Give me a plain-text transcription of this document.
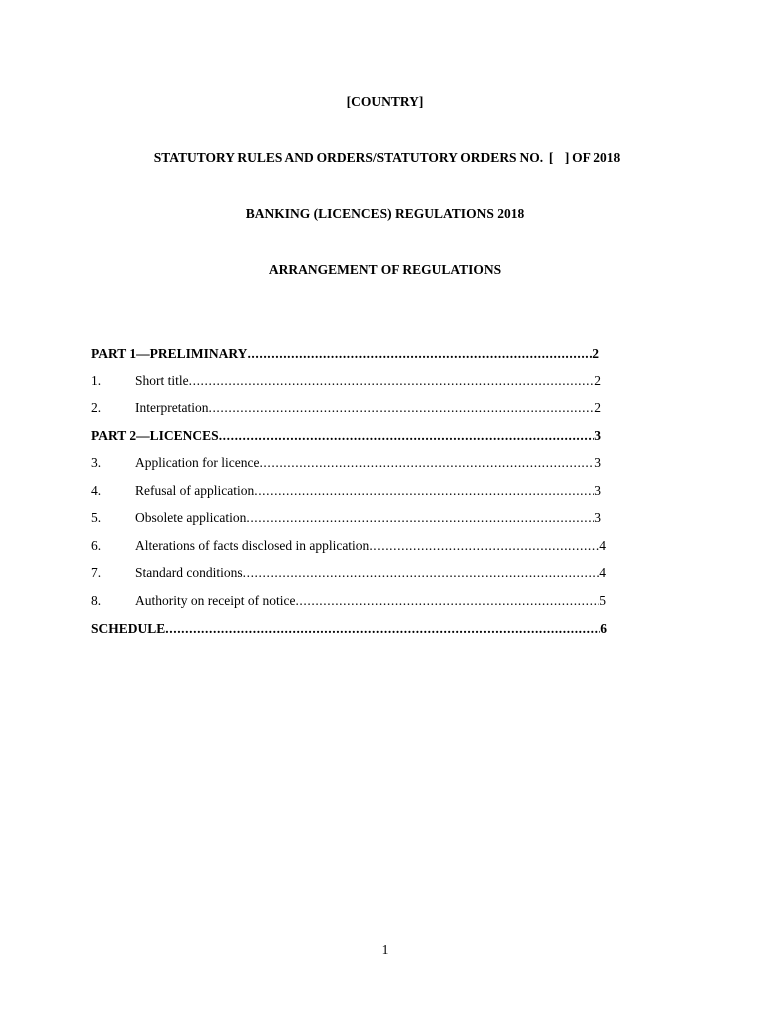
[COUNTRY]
STATUTORY RULES AND ORDERS/STATUTORY ORDERS NO.  [    ] OF 2018
BANKING (LICENCES) REGULATIONS 2018
ARRANGEMENT OF REGULATIONS
PART 1—PRELIMINARY .....	2
1.	Short title .....	2
2.	Interpretation .....	2
PART 2—LICENCES .....	3
3.	Application for licence .....	3
4.	Refusal of application .....	3
5.	Obsolete application .....	3
6.	Alterations of facts disclosed in application .....	4
7.	Standard conditions .....	4
8.	Authority on receipt of notice .....	5
SCHEDULE .....	6
1
